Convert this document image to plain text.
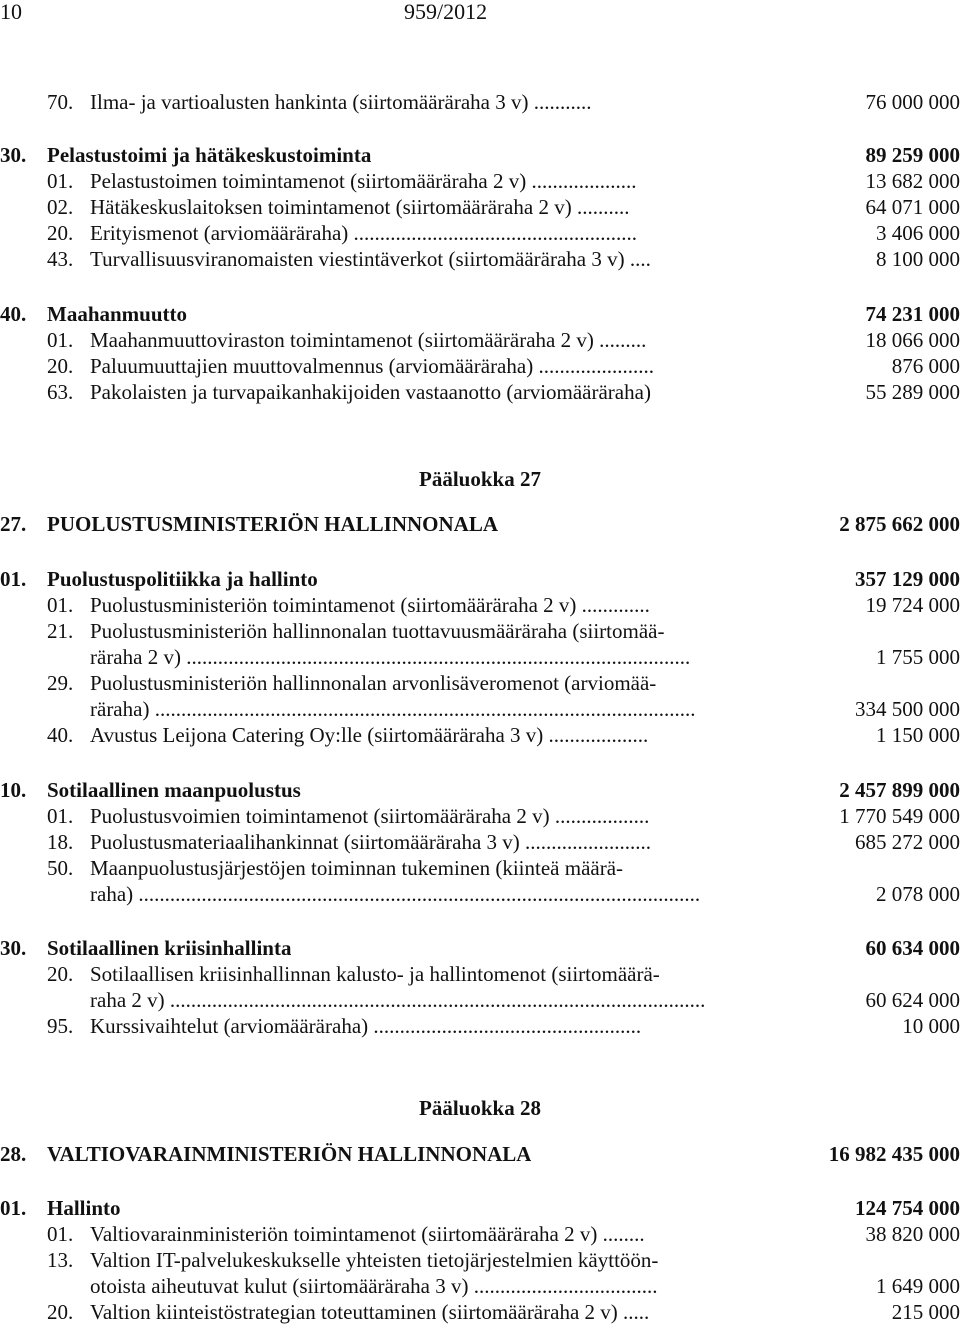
10	959/2012
Pääluokka 27
Pääluokka 28
70. Ilma- ja vartioalusten hankinta (siirtomääräraha 3 v) ...........	76 000 000
30. Pelastustoimi ja hätäkeskustoiminta	89 259 000
01. Pelastustoimen toimintamenot (siirtomääräraha 2 v) ....................	13 682 000
02. Hätäkeskuslaitoksen toimintamenot (siirtomääräraha 2 v) ..........	64 071 000
20. Erityismenot (arviomääräraha) ......................................................	3 406 000
43. Turvallisuusviranomaisten viestintäverkot (siirtomääräraha 3 v) ....	8 100 000
40. Maahanmuutto	74 231 000
01. Maahanmuuttoviraston toimintamenot (siirtomääräraha 2 v) .........	18 066 000
20. Paluumuuttajien muuttovalmennus (arviomääräraha) ......................	876 000
63. Pakolaisten ja turvapaikanhakijoiden vastaanotto (arviomääräraha)	55 289 000
27. PUOLUSTUSMINISTERIÖN HALLINNONALA	2 875 662 000
01. Puolustuspolitiikka ja hallinto	357 129 000
01. Puolustusministeriön toimintamenot (siirtomääräraha 2 v) .............	19 724 000
21. Puolustusministeriön hallinnonalan tuottavuusmääräraha (siirtomää-
räraha 2 v) ................................................................................................	1 755 000
29. Puolustusministeriön hallinnonalan arvonlisäveromenot (arviomää-
räraha) .......................................................................................................	334 500 000
40. Avustus Leijona Catering Oy:lle (siirtomääräraha 3 v) ...................	1 150 000
10. Sotilaallinen maanpuolustus	2 457 899 000
01. Puolustusvoimien toimintamenot (siirtomääräraha 2 v) ..................	1 770 549 000
18. Puolustusmateriaalihankinnat (siirtomääräraha 3 v) ........................	685 272 000
50. Maanpuolustusjärjestöjen toiminnan tukeminen (kiinteä määrä-
raha) ...........................................................................................................	2 078 000
30. Sotilaallinen kriisinhallinta	60 634 000
20. Sotilaallisen kriisinhallinnan kalusto- ja hallintomenot (siirtomäärä-
raha 2 v) ......................................................................................................	60 624 000
95. Kurssivaihtelut (arviomääräraha) ...................................................	10 000
28. VALTIOVARAINMINISTERIÖN HALLINNONALA	16 982 435 000
01. Hallinto	124 754 000
01. Valtiovarainministeriön toimintamenot (siirtomääräraha 2 v) ........	38 820 000
13. Valtion IT-palvelukeskukselle yhteisten tietojärjestelmien käyttöön-
otoista aiheutuvat kulut (siirtomääräraha 3 v) ...................................	1 649 000
20. Valtion kiinteistöstrategian toteuttaminen (siirtomääräraha 2 v) .....	215 000
